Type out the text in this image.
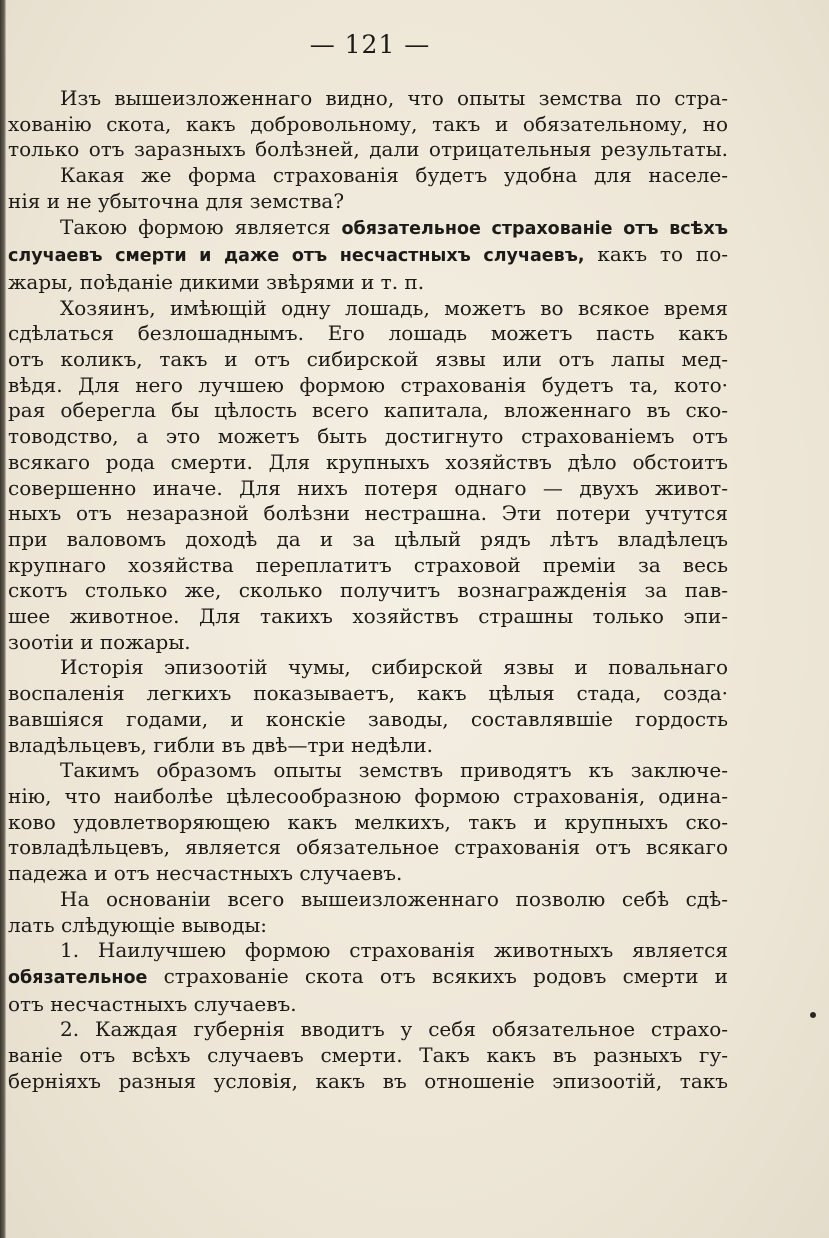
— 121 —
Изъ вышеизложеннаго видно, что опыты земства по стра-
хованію скота, какъ добровольному, такъ и обязательному, но
только отъ заразныхъ болѣзней, дали отрицательныя результаты.
Какая же форма страхованія будетъ удобна для населе-
нія и не убыточна для земства?
Такою формою является обязательное страхованіе отъ всѣхъ
случаевъ смерти и даже отъ несчастныхъ случаевъ, какъ то по-
жары, поѣданіе дикими звѣрями и т. п.
Хозяинъ, имѣющій одну лошадь, можетъ во всякое время
сдѣлаться безлошаднымъ. Его лошадь можетъ пасть какъ
отъ коликъ, такъ и отъ сибирской язвы или отъ лапы мед-
вѣдя. Для него лучшею формою страхованія будетъ та, кото·
рая оберегла бы цѣлость всего капитала, вложеннаго въ ско-
товодство, а это можетъ быть достигнуто страхованіемъ отъ
всякаго рода смерти. Для крупныхъ хозяйствъ дѣло обстоитъ
совершенно иначе. Для нихъ потеря однаго — двухъ живот-
ныхъ отъ незаразной болѣзни нестрашна. Эти потери учтутся
при валовомъ доходѣ да и за цѣлый рядъ лѣтъ владѣлецъ
крупнаго хозяйства переплатитъ страховой преміи за весь
скотъ столько же, сколько получитъ вознагражденія за пав-
шее животное. Для такихъ хозяйствъ страшны только эпи-
зоотіи и пожары.
Исторія эпизоотій чумы, сибирской язвы и повальнаго
воспаленія легкихъ показываетъ, какъ цѣлыя стада, созда·
вавшіяся годами, и конскіе заводы, составлявшіе гордость
владѣльцевъ, гибли въ двѣ—три недѣли.
Такимъ образомъ опыты земствъ приводятъ къ заключе-
нію, что наиболѣе цѣлесообразною формою страхованія, одина-
ково удовлетворяющею какъ мелкихъ, такъ и крупныхъ ско-
товладѣльцевъ, является обязательное страхованія отъ всякаго
падежа и отъ несчастныхъ случаевъ.
На основаніи всего вышеизложеннаго позволю себѣ сдѣ-
лать слѣдующіе выводы:
1. Наилучшею формою страхованія животныхъ является
обязательное страхованіе скота отъ всякихъ родовъ смерти и
отъ несчастныхъ случаевъ.
2. Каждая губернія вводитъ у себя обязательное страхо-
ваніе отъ всѣхъ случаевъ смерти. Такъ какъ въ разныхъ гу-
берніяхъ разныя условія, какъ въ отношеніе эпизоотій, такъ
